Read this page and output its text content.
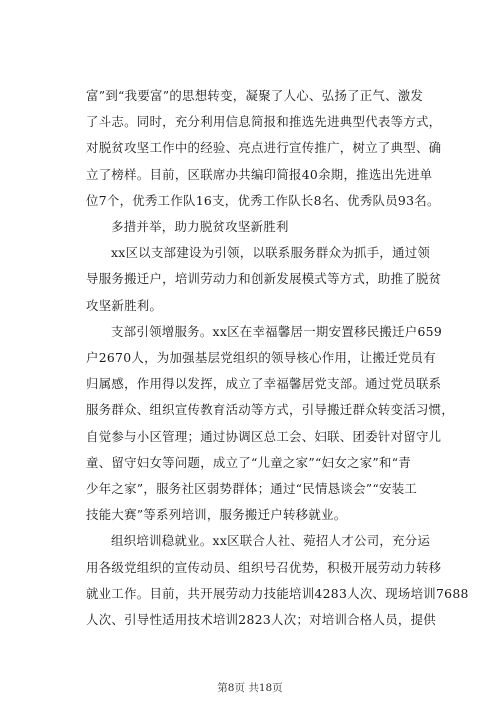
富”到“我要富”的思想转变，凝聚了人心、弘扬了正气、激发
了斗志。同时，充分利用信息简报和推选先进典型代表等方式，
对脱贫攻坚工作中的经验、亮点进行宣传推广，树立了典型、确
立了榜样。目前，区联席办共编印简报40余期，推选出先进单
位7个，优秀工作队16支，优秀工作队长8名、优秀队员93名。
多措并举，助力脱贫攻坚新胜利
xx区以支部建设为引领，以联系服务群众为抓手，通过领
导服务搬迁户，培训劳动力和创新发展模式等方式，助推了脱贫
攻坚新胜利。
支部引领增服务。xx区在幸福馨居一期安置移民搬迁户659
户2670人，为加强基层党组织的领导核心作用，让搬迁党员有
归属感，作用得以发挥，成立了幸福馨居党支部。通过党员联系
服务群众、组织宣传教育活动等方式，引导搬迁群众转变活习惯，
自觉参与小区管理；通过协调区总工会、妇联、团委针对留守儿
童、留守妇女等问题，成立了“儿童之家”“妇女之家”和“青
少年之家”，服务社区弱势群体；通过“民情恳谈会”“安装工
技能大赛”等系列培训，服务搬迁户转移就业。
组织培训稳就业。xx区联合人社、菀招人才公司，充分运
用各级党组织的宣传动员、组织号召优势，积极开展劳动力转移
就业工作。目前，共开展劳动力技能培训4283人次、现场培训7688
人次、引导性适用技术培训2823人次；对培训合格人员，提供

第8页 共18页
